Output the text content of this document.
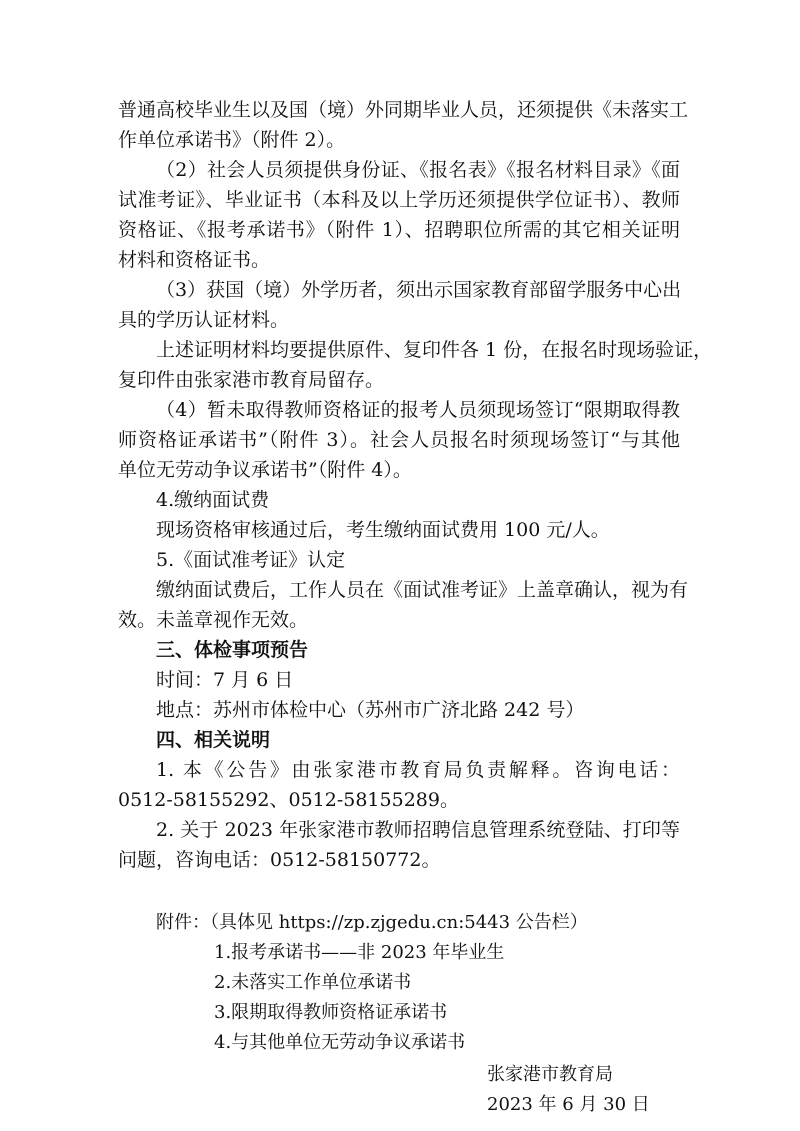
普通高校毕业生以及国（境）外同期毕业人员，还须提供《未落实工
作单位承诺书》（附件 2）。
（2）社会人员须提供身份证、《报名表》《报名材料目录》《面
试准考证》、毕业证书（本科及以上学历还须提供学位证书）、教师
资格证、《报考承诺书》（附件 1）、招聘职位所需的其它相关证明
材料和资格证书。
（3）获国（境）外学历者，须出示国家教育部留学服务中心出
具的学历认证材料。
上述证明材料均要提供原件、复印件各 1 份，在报名时现场验证，
复印件由张家港市教育局留存。
（4）暂未取得教师资格证的报考人员须现场签订“限期取得教
师资格证承诺书”（附件 3）。社会人员报名时须现场签订“与其他
单位无劳动争议承诺书”（附件 4）。
4.缴纳面试费
现场资格审核通过后，考生缴纳面试费用 100 元/人。
5.《面试准考证》认定
缴纳面试费后，工作人员在《面试准考证》上盖章确认，视为有
效。未盖章视作无效。
三、体检事项预告
时间：7 月 6 日
地点：苏州市体检中心（苏州市广济北路 242 号）
四、相关说明
1. 本《公告》由张家港市教育局负责解释。咨询电话：
0512-58155292、0512-58155289。
2. 关于 2023 年张家港市教师招聘信息管理系统登陆、打印等
问题，咨询电话：0512-58150772。
附件：（具体见 https://zp.zjgedu.cn:5443 公告栏）
1.报考承诺书——非 2023 年毕业生
2.未落实工作单位承诺书
3.限期取得教师资格证承诺书
4.与其他单位无劳动争议承诺书
张家港市教育局
2023 年 6 月 30 日
